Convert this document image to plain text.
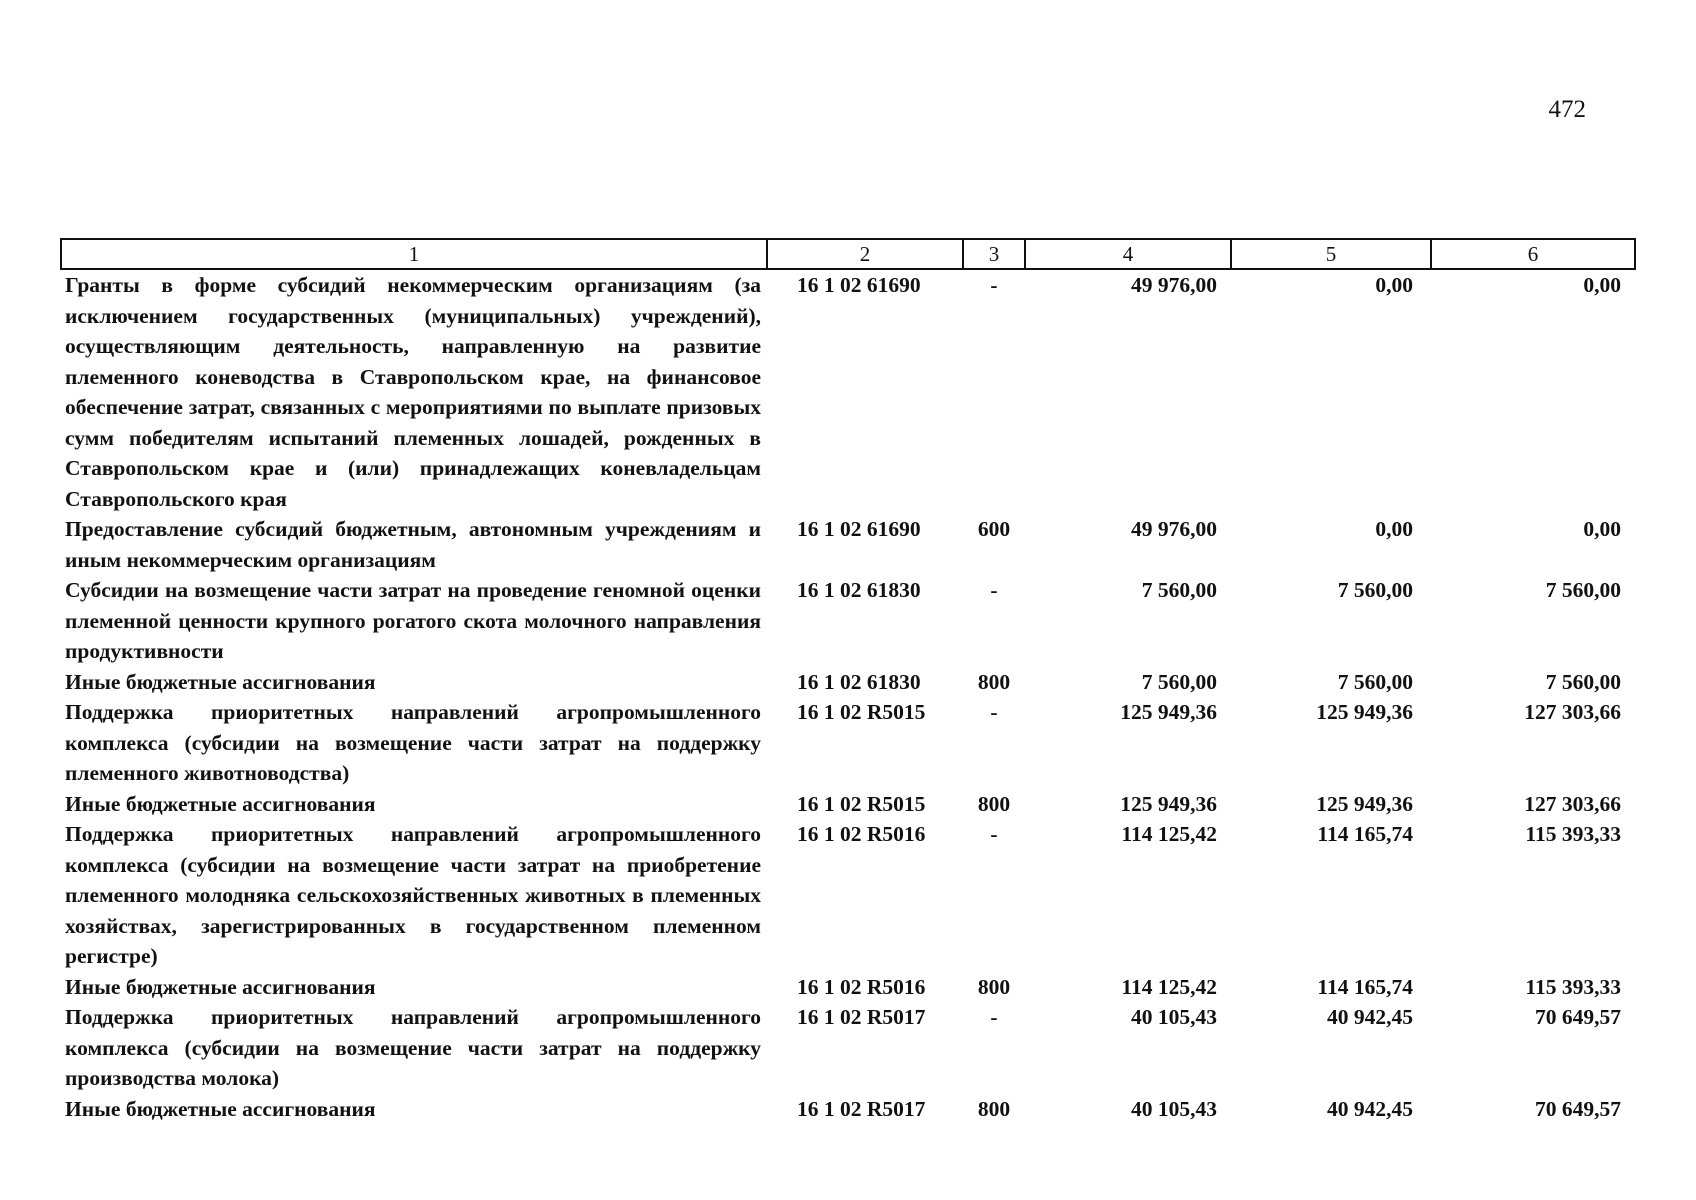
472
1	2	3	4	5	6
Гранты в форме субсидий некоммерческим организациям (за исключением государственных (муниципальных) учреждений), осуществляющим деятельность, направленную на развитие племенного коневодства в Ставропольском крае, на финансовое обеспечение затрат, связанных с мероприятиями по выплате призовых сумм победителям испытаний племенных лошадей, рожденных в Ставропольском крае и (или) принадлежащих коневладельцам Ставропольского края	16 1 02 61690	-	49 976,00	0,00	0,00
Предоставление субсидий бюджетным, автономным учреждениям и иным некоммерческим организациям	16 1 02 61690	600	49 976,00	0,00	0,00
Субсидии на возмещение части затрат на проведение геномной оценки племенной ценности крупного рогатого скота молочного направления продуктивности	16 1 02 61830	-	7 560,00	7 560,00	7 560,00
Иные бюджетные ассигнования	16 1 02 61830	800	7 560,00	7 560,00	7 560,00
Поддержка приоритетных направлений агропромышленного комплекса (субсидии на возмещение части затрат на поддержку племенного животноводства)	16 1 02 R5015	-	125 949,36	125 949,36	127 303,66
Иные бюджетные ассигнования	16 1 02 R5015	800	125 949,36	125 949,36	127 303,66
Поддержка приоритетных направлений агропромышленного комплекса (субсидии на возмещение части затрат на приобретение племенного молодняка сельскохозяйственных животных в племенных хозяйствах, зарегистрированных в государственном племенном регистре)	16 1 02 R5016	-	114 125,42	114 165,74	115 393,33
Иные бюджетные ассигнования	16 1 02 R5016	800	114 125,42	114 165,74	115 393,33
Поддержка приоритетных направлений агропромышленного комплекса (субсидии на возмещение части затрат на поддержку производства молока)	16 1 02 R5017	-	40 105,43	40 942,45	70 649,57
Иные бюджетные ассигнования	16 1 02 R5017	800	40 105,43	40 942,45	70 649,57
